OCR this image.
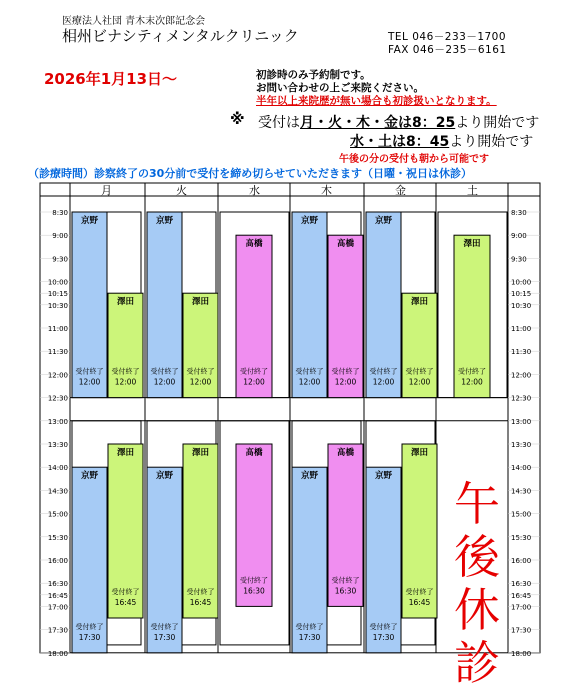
医療法人社団 青木末次郎記念会
相州ビナシティメンタルクリニック	TEL 046－233－1700
FAX 046－235－6161
2026年1月13日～	初診時のみ予約制です。
お問い合わせの上ご来院ください。
半年以上来院歴が無い場合も初診扱いとなります。
※ 受付は月・火・木・金は8：25より開始です
水・土は8：45より開始です
午後の分の受付も朝から可能です
（診療時間）診察終了の30分前で受付を締め切らせていただきます（日曜・祝日は休診）
月	火	水	木	金	土
8:30	8:30
9:00	9:00
9:30	9:30
10:00	10:00
10:15	10:15
10:30	10:30
11:00	11:00
11:30	11:30
12:00	12:00
12:30	12:30
13:00	13:00
13:30	13:30
14:00	14:00
14:30	14:30
15:00	15:00
15:30	15:30
16:00	16:00
16:30	16:30
16:45	16:45
17:00	17:00
17:30	17:30
18:00	18:00
京野
受付終了
12:00
澤田
受付終了
12:00
京野
受付終了
17:30
澤田
受付終了
16:45
京野
受付終了
12:00
澤田
受付終了
12:00
京野
受付終了
17:30
澤田
受付終了
16:45
髙橋
受付終了
12:00
髙橋
受付終了
16:30
京野
受付終了
12:00
髙橋
受付終了
12:00
京野
受付終了
17:30
髙橋
受付終了
16:30
京野
受付終了
12:00
澤田
受付終了
12:00
京野
受付終了
17:30
澤田
受付終了
16:45
澤田
受付終了
12:00
午後休診
